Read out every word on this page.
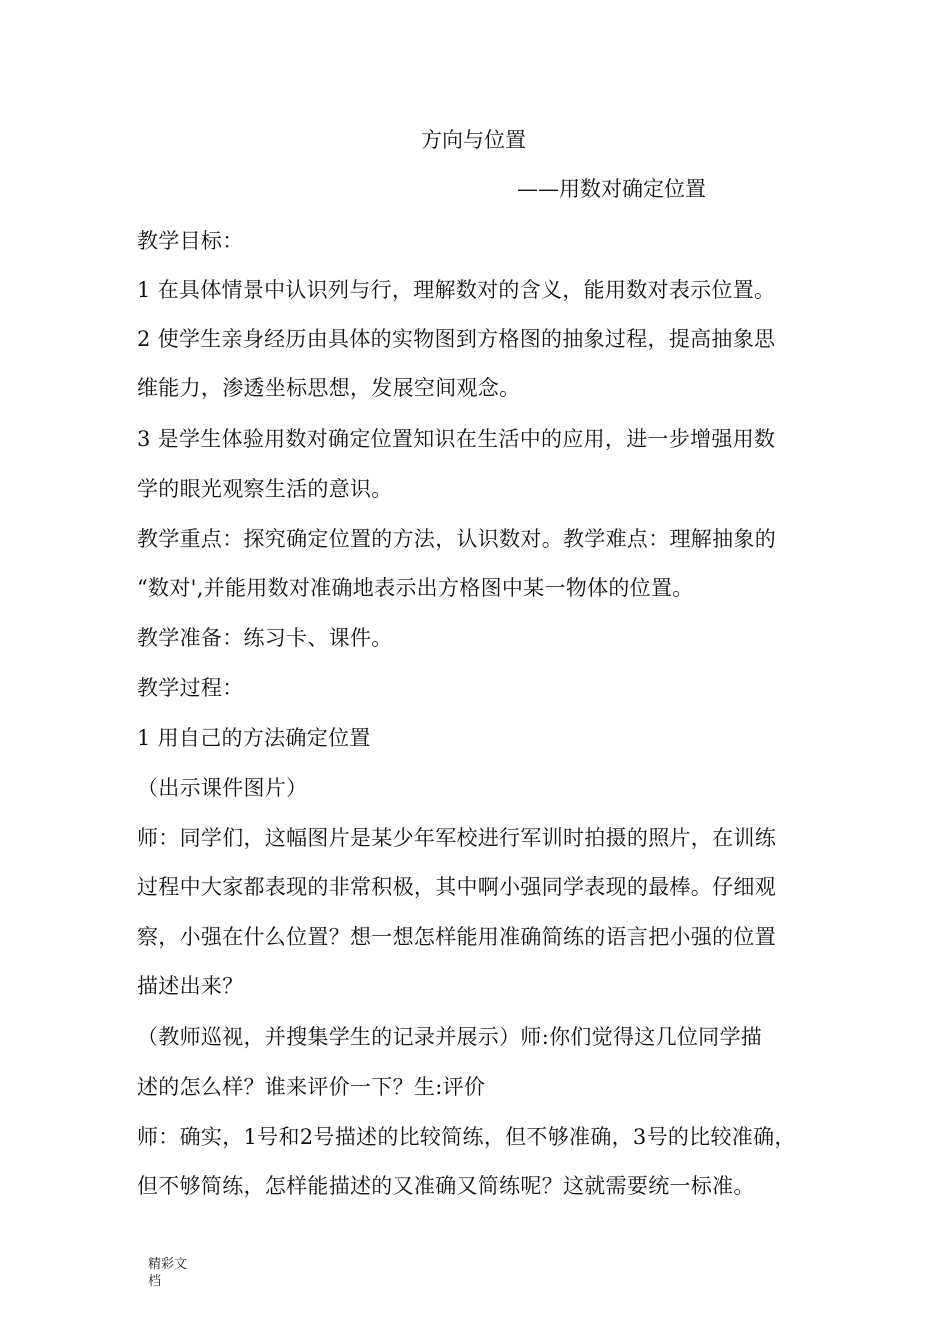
方向与位置
——用数对确定位置
教学目标：
1 在具体情景中认识列与行，理解数对的含义，能用数对表示位置。
2 使学生亲身经历由具体的实物图到方格图的抽象过程，提高抽象思
维能力，渗透坐标思想，发展空间观念。
3 是学生体验用数对确定位置知识在生活中的应用，进一步增强用数
学的眼光观察生活的意识。
教学重点：探究确定位置的方法，认识数对。教学难点：理解抽象的
“数对',并能用数对准确地表示出方格图中某一物体的位置。
教学准备：练习卡、课件。
教学过程：
1 用自己的方法确定位置
（出示课件图片）
师：同学们，这幅图片是某少年军校进行军训时拍摄的照片，在训练
过程中大家都表现的非常积极，其中啊小强同学表现的最棒。仔细观
察，小强在什么位置？想一想怎样能用准确简练的语言把小强的位置
描述出来？
（教师巡视，并搜集学生的记录并展示）师:你们觉得这几位同学描
述的怎么样？谁来评价一下？生:评价
师：确实，1号和2号描述的比较简练，但不够准确，3号的比较准确，
但不够简练，怎样能描述的又准确又简练呢？这就需要统一标准。
精彩文
档
